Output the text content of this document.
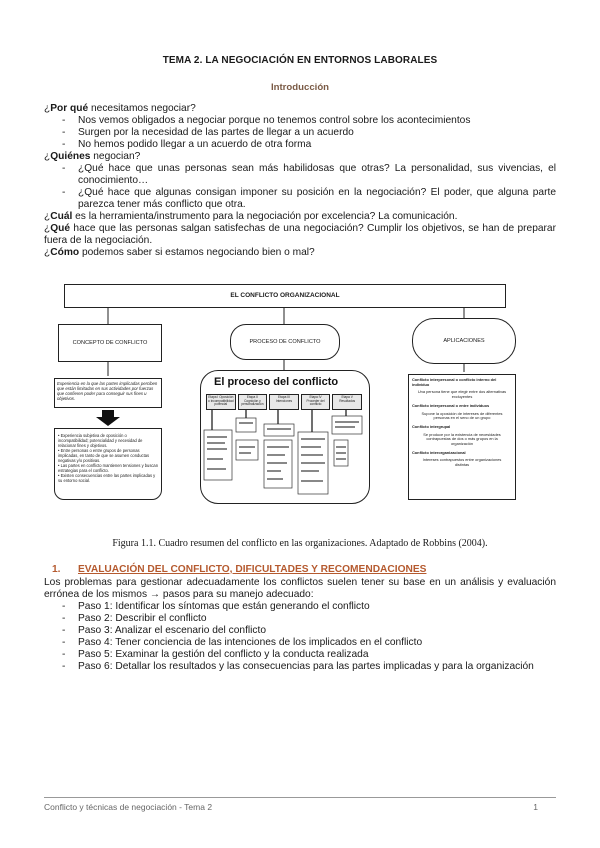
TEMA 2. LA NEGOCIACIÓN EN ENTORNOS LABORALES
Introducción

¿Por qué necesitamos negociar?

- Nos vemos obligados a negociar porque no tenemos control sobre los acontecimientos
- Surgen por la necesidad de las partes de llegar a un acuerdo
- No hemos podido llegar a un acuerdo de otra forma

¿Quiénes negocian?

- ¿Qué hace que unas personas sean más habilidosas que otras? La personalidad, sus vivencias, el conocimiento…
- ¿Qué hace que algunas consigan imponer su posición en la negociación? El poder, que alguna parte parezca tener más conflicto que otra.

¿Cuál es la herramienta/instrumento para la negociación por excelencia? La comunicación.

¿Qué hace que las personas salgan satisfechas de una negociación? Cumplir los objetivos, se han de preparar fuera de la negociación.

¿Cómo podemos saber si estamos negociando bien o mal?

EL CONFLICTO ORGANIZACIONAL
CONCEPTO DE CONFLICTO	PROCESO DE CONFLICTO	APLICACIONES
Experiencia en la que las partes implicadas perciben que están limitadas en sus actividades por fuerzas que confieren poder para conseguir sus fines u objetivos.
• Experiencia subjetiva de oposición o incompatibilidad; potencialidad y necesidad de relacionar fines y objetivos.
• Entre personas o entre grupos de personas implicadas, en tanto de que se asumen conductas negativas y/o positivas.
• Las partes en conflicto mantienen tensiones y buscan estrategias para el conflicto.
• Existen consecuencias entre las partes implicadas y su entorno social.
El proceso del conflicto
Etapa I Oposición o incompatibilidad potencial
Etapa II Cognición y personalización
Etapa III Intenciones
Etapa IV Proceder del conflicto
Etapa V Resultados
Conflicto interpersonal o conflicto interno del individuo
Una persona tiene que elegir entre dos alternativas excluyentes
Conflicto interpersonal o entre individuos
Supone la oposición de intereses de diferentes personas en el seno de un grupo
Conflicto intergrupal
Se produce por la existencia de necesidades contrapuestas de dos o más grupos en la organización
Conflicto interorganizacional
Intereses contrapuestos entre organizaciones distintas
Figura 1.1. Cuadro resumen del conflicto en las organizaciones. Adaptado de Robbins (2004).

1. EVALUACIÓN DEL CONFLICTO, DIFICULTADES Y RECOMENDACIONES

Los problemas para gestionar adecuadamente los conflictos suelen tener su base en un análisis y evaluación errónea de los mismos → pasos para su manejo adecuado:

- Paso 1: Identificar los síntomas que están generando el conflicto
- Paso 2: Describir el conflicto
- Paso 3: Analizar el escenario del conflicto
- Paso 4: Tener conciencia de las intenciones de los implicados en el conflicto
- Paso 5: Examinar la gestión del conflicto y la conducta realizada
- Paso 6: Detallar los resultados y las consecuencias para las partes implicadas y para la organización
Conflicto y técnicas de negociación - Tema 2	1
